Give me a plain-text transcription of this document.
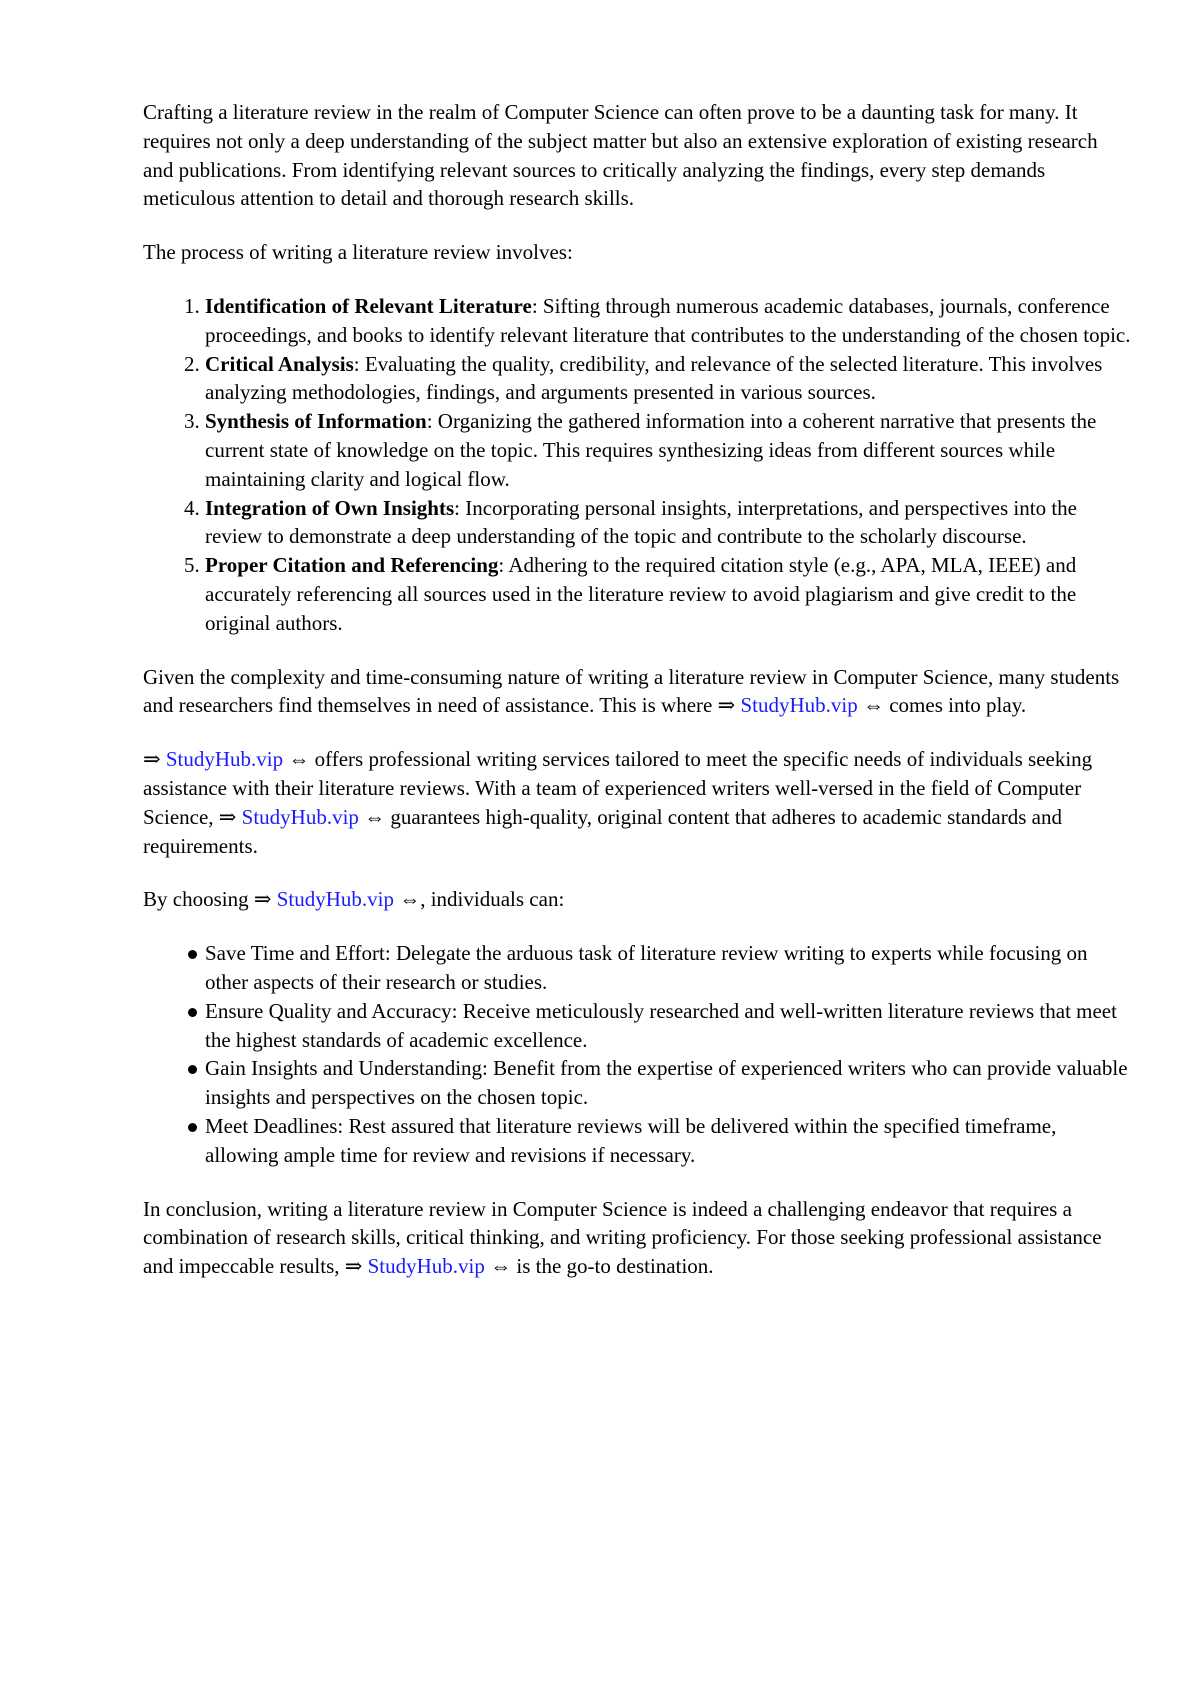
Crafting a literature review in the realm of Computer Science can often prove to be a daunting task for many. It requires not only a deep understanding of the subject matter but also an extensive exploration of existing research and publications. From identifying relevant sources to critically analyzing the findings, every step demands meticulous attention to detail and thorough research skills.

The process of writing a literature review involves:

1. Identification of Relevant Literature: Sifting through numerous academic databases, journals, conference proceedings, and books to identify relevant literature that contributes to the understanding of the chosen topic.
2. Critical Analysis: Evaluating the quality, credibility, and relevance of the selected literature. This involves analyzing methodologies, findings, and arguments presented in various sources.
3. Synthesis of Information: Organizing the gathered information into a coherent narrative that presents the current state of knowledge on the topic. This requires synthesizing ideas from different sources while maintaining clarity and logical flow.
4. Integration of Own Insights: Incorporating personal insights, interpretations, and perspectives into the review to demonstrate a deep understanding of the topic and contribute to the scholarly discourse.
5. Proper Citation and Referencing: Adhering to the required citation style (e.g., APA, MLA, IEEE) and accurately referencing all sources used in the literature review to avoid plagiarism and give credit to the original authors.

Given the complexity and time-consuming nature of writing a literature review in Computer Science, many students and researchers find themselves in need of assistance. This is where ⇒ StudyHub.vip ⇔ comes into play.

⇒ StudyHub.vip ⇔ offers professional writing services tailored to meet the specific needs of individuals seeking assistance with their literature reviews. With a team of experienced writers well-versed in the field of Computer Science, ⇒ StudyHub.vip ⇔ guarantees high-quality, original content that adheres to academic standards and requirements.

By choosing ⇒ StudyHub.vip ⇔, individuals can:

Save Time and Effort: Delegate the arduous task of literature review writing to experts while focusing on other aspects of their research or studies.
Ensure Quality and Accuracy: Receive meticulously researched and well-written literature reviews that meet the highest standards of academic excellence.
Gain Insights and Understanding: Benefit from the expertise of experienced writers who can provide valuable insights and perspectives on the chosen topic.
Meet Deadlines: Rest assured that literature reviews will be delivered within the specified timeframe, allowing ample time for review and revisions if necessary.

In conclusion, writing a literature review in Computer Science is indeed a challenging endeavor that requires a combination of research skills, critical thinking, and writing proficiency. For those seeking professional assistance and impeccable results, ⇒ StudyHub.vip ⇔ is the go-to destination.
